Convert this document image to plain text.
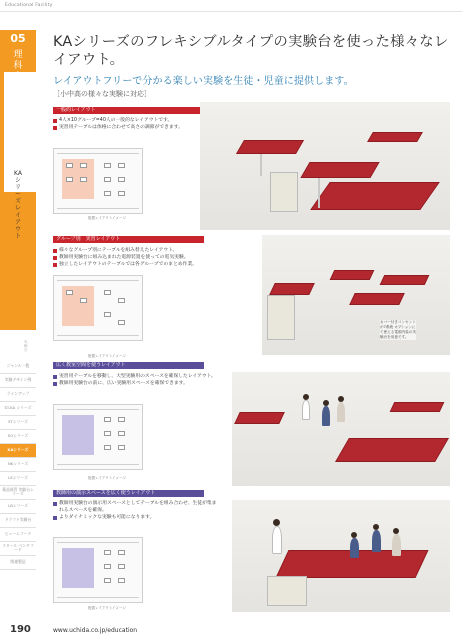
Educational Facility
05
理科
KAシリーズレイアウト
実験台
ジャンル一覧
実験デザイン例
ラインアップ
ST-KA シリーズ
STシリーズ
SOシリーズ
KAシリーズ
NKシリーズ
LEシリーズ
薬品保管 実験台シリーズ
LBシリーズ
ドラフト実験台
ヒュームフード
スタール ベンチフード
関連製品
KAシリーズのフレキシブルタイプの実験台を使った様々なレイアウト。
レイアウトフリーで分かる楽しい実験を生徒・児童に提供します。
［小中高の様々な実験に対応］
一般的レイアウト
4人×10グループ=40人の一般的なレイアウトです。
実習用テーブルは体格に合わせて高さの調節ができます。
配置レイアウトイメージ
グループ別　実習レイアウト
様々なグループ別にテーブルを組み替えたレイアウト。
教師用実験台に組み込まれた電源装置を使っての電気実験。
独立したレイアウトのテーブルでは各グループでのまとめ作業。
配置レイアウトイメージ
カバー付きコンセントが7系統 オプションにて使える電源内装の実験台を用意です。
広く教室空間を使うレイアウト
実習用テーブルを移動し、大型実験用のスペースを確保したレイアウト。
教師用実験台の前に、広い実験用スペースを確保できます。
配置レイアウトイメージ
教師用の演示スペースを広く使うレイアウト
教師用実験台の演示用スペースとしてテーブルを組み合わせ、生徒が集まれるスペースを確保。
よりダイナミックな実験も可能になります。
配置レイアウトイメージ
190	www.uchida.co.jp/education
